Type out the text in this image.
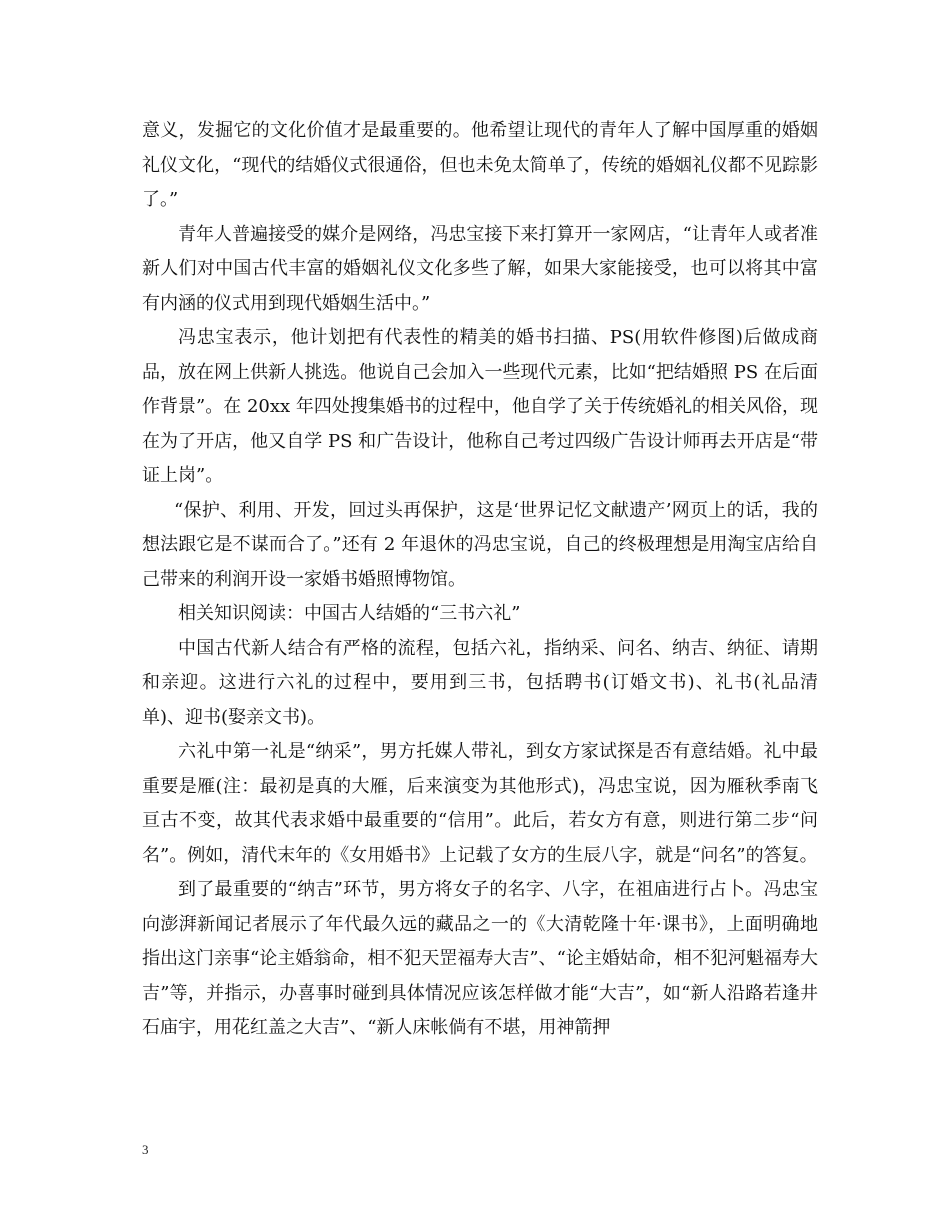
意义，发掘它的文化价值才是最重要的。他希望让现代的青年人了解中国厚重的婚姻礼仪文化，“现代的结婚仪式很通俗，但也未免太简单了，传统的婚姻礼仪都不见踪影了。”

青年人普遍接受的媒介是网络，冯忠宝接下来打算开一家网店，“让青年人或者准新人们对中国古代丰富的婚姻礼仪文化多些了解，如果大家能接受，也可以将其中富有内涵的仪式用到现代婚姻生活中。”

冯忠宝表示，他计划把有代表性的精美的婚书扫描、PS(用软件修图)后做成商品，放在网上供新人挑选。他说自己会加入一些现代元素，比如“把结婚照 PS 在后面作背景”。在 20xx 年四处搜集婚书的过程中，他自学了关于传统婚礼的相关风俗，现在为了开店，他又自学 PS 和广告设计，他称自己考过四级广告设计师再去开店是“带证上岗”。

“保护、利用、开发，回过头再保护，这是‘世界记忆文献遗产’网页上的话，我的想法跟它是不谋而合了。”还有 2 年退休的冯忠宝说，自己的终极理想是用淘宝店给自己带来的利润开设一家婚书婚照博物馆。

相关知识阅读：中国古人结婚的“三书六礼”

中国古代新人结合有严格的流程，包括六礼，指纳采、问名、纳吉、纳征、请期和亲迎。这进行六礼的过程中，要用到三书，包括聘书(订婚文书)、礼书(礼品清单)、迎书(娶亲文书)。

六礼中第一礼是“纳采”，男方托媒人带礼，到女方家试探是否有意结婚。礼中最重要是雁(注：最初是真的大雁，后来演变为其他形式)，冯忠宝说，因为雁秋季南飞亘古不变，故其代表求婚中最重要的“信用”。此后，若女方有意，则进行第二步“问名”。例如，清代末年的《女用婚书》上记载了女方的生辰八字，就是“问名”的答复。

到了最重要的“纳吉”环节，男方将女子的名字、八字，在祖庙进行占卜。冯忠宝向澎湃新闻记者展示了年代最久远的藏品之一的《大清乾隆十年·课书》，上面明确地指出这门亲事“论主婚翁命，相不犯天罡福寿大吉”、“论主婚姑命，相不犯河魁福寿大吉”等，并指示，办喜事时碰到具体情况应该怎样做才能“大吉”，如“新人沿路若逢井石庙宇，用花红盖之大吉”、“新人床帐倘有不堪，用神箭押

3
